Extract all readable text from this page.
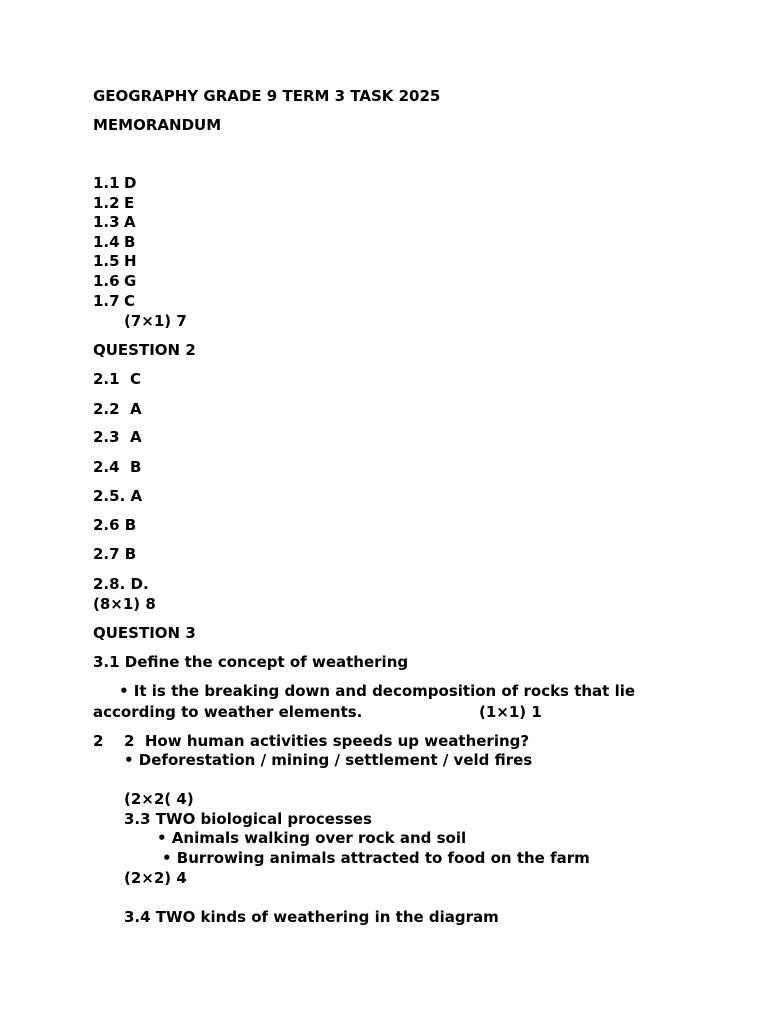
GEOGRAPHY GRADE 9 TERM 3 TASK 2025
MEMORANDUM
1.1 D
1.2 E
1.3 A
1.4 B
1.5 H
1.6 G
1.7 C
(7×1) 7
QUESTION 2
2.1  C
2.2  A
2.3  A
2.4  B
2.5. A
2.6 B
2.7 B
2.8. D.
(8×1) 8
QUESTION 3
3.1 Define the concept of weathering
• It is the breaking down and decomposition of rocks that lie
according to weather elements.	(1×1) 1
2 2  How human activities speeds up weathering?
• Deforestation / mining / settlement / veld fires
(2×2( 4)
3.3 TWO biological processes
• Animals walking over rock and soil
• Burrowing animals attracted to food on the farm
(2×2) 4
3.4 TWO kinds of weathering in the diagram
